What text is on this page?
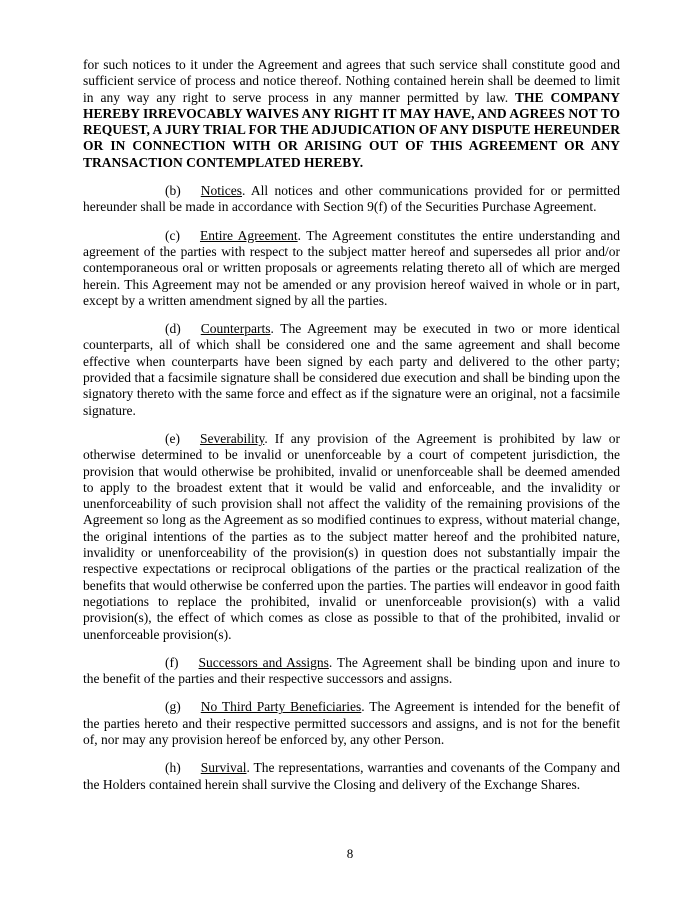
for such notices to it under the Agreement and agrees that such service shall constitute good and sufficient service of process and notice thereof. Nothing contained herein shall be deemed to limit in any way any right to serve process in any manner permitted by law. THE COMPANY HEREBY IRREVOCABLY WAIVES ANY RIGHT IT MAY HAVE, AND AGREES NOT TO REQUEST, A JURY TRIAL FOR THE ADJUDICATION OF ANY DISPUTE HEREUNDER OR IN CONNECTION WITH OR ARISING OUT OF THIS AGREEMENT OR ANY TRANSACTION CONTEMPLATED HEREBY.

(b) Notices. All notices and other communications provided for or permitted hereunder shall be made in accordance with Section 9(f) of the Securities Purchase Agreement.

(c) Entire Agreement. The Agreement constitutes the entire understanding and agreement of the parties with respect to the subject matter hereof and supersedes all prior and/or contemporaneous oral or written proposals or agreements relating thereto all of which are merged herein. This Agreement may not be amended or any provision hereof waived in whole or in part, except by a written amendment signed by all the parties.

(d) Counterparts. The Agreement may be executed in two or more identical counterparts, all of which shall be considered one and the same agreement and shall become effective when counterparts have been signed by each party and delivered to the other party; provided that a facsimile signature shall be considered due execution and shall be binding upon the signatory thereto with the same force and effect as if the signature were an original, not a facsimile signature.

(e) Severability. If any provision of the Agreement is prohibited by law or otherwise determined to be invalid or unenforceable by a court of competent jurisdiction, the provision that would otherwise be prohibited, invalid or unenforceable shall be deemed amended to apply to the broadest extent that it would be valid and enforceable, and the invalidity or unenforceability of such provision shall not affect the validity of the remaining provisions of the Agreement so long as the Agreement as so modified continues to express, without material change, the original intentions of the parties as to the subject matter hereof and the prohibited nature, invalidity or unenforceability of the provision(s) in question does not substantially impair the respective expectations or reciprocal obligations of the parties or the practical realization of the benefits that would otherwise be conferred upon the parties. The parties will endeavor in good faith negotiations to replace the prohibited, invalid or unenforceable provision(s) with a valid provision(s), the effect of which comes as close as possible to that of the prohibited, invalid or unenforceable provision(s).

(f) Successors and Assigns. The Agreement shall be binding upon and inure to the benefit of the parties and their respective successors and assigns.

(g) No Third Party Beneficiaries. The Agreement is intended for the benefit of the parties hereto and their respective permitted successors and assigns, and is not for the benefit of, nor may any provision hereof be enforced by, any other Person.

(h) Survival. The representations, warranties and covenants of the Company and the Holders contained herein shall survive the Closing and delivery of the Exchange Shares.

8
